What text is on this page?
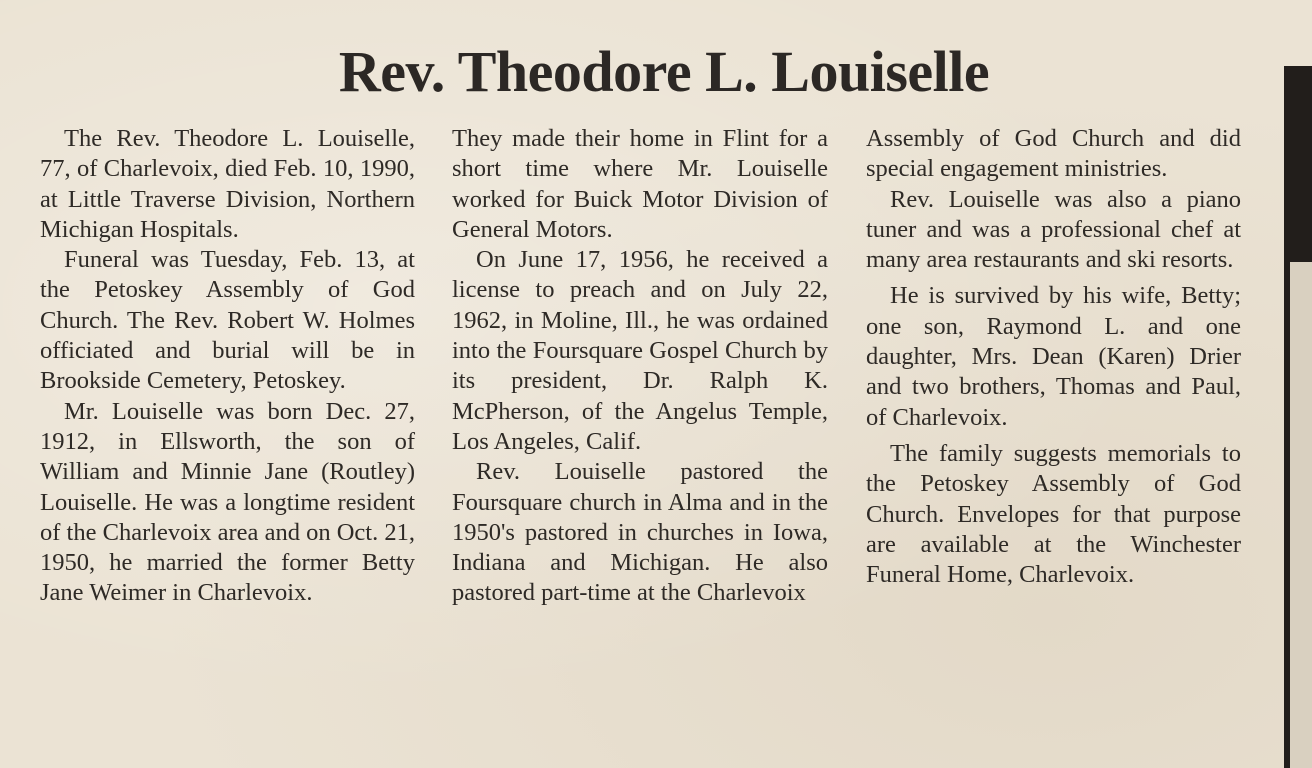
Rev. Theodore L. Louiselle

The Rev. Theodore L. Louiselle, 77, of Charlevoix, died Feb. 10, 1990, at Little Traverse Division, Northern Michigan Hospitals.

Funeral was Tuesday, Feb. 13, at the Petoskey Assembly of God Church. The Rev. Robert W. Holmes officiated and burial will be in Brookside Cemetery, Petoskey.

Mr. Louiselle was born Dec. 27, 1912, in Ellsworth, the son of William and Minnie Jane (Routley) Louiselle. He was a longtime resident of the Charlevoix area and on Oct. 21, 1950, he married the former Betty Jane Weimer in Charlevoix.

They made their home in Flint for a short time where Mr. Louiselle worked for Buick Motor Division of General Motors.

On June 17, 1956, he received a license to preach and on July 22, 1962, in Moline, Ill., he was ordained into the Foursquare Gospel Church by its president, Dr. Ralph K. McPherson, of the Angelus Temple, Los Angeles, Calif.

Rev. Louiselle pastored the Foursquare church in Alma and in the 1950's pastored in churches in Iowa, Indiana and Michigan. He also pastored part-time at the Charlevoix

Assembly of God Church and did special engagement ministries.

Rev. Louiselle was also a piano tuner and was a professional chef at many area restaurants and ski resorts.

He is survived by his wife, Betty; one son, Raymond L. and one daughter, Mrs. Dean (Karen) Drier and two brothers, Thomas and Paul, of Charlevoix.

The family suggests memorials to the Petoskey Assembly of God Church. Envelopes for that purpose are available at the Winchester Funeral Home, Charlevoix.
